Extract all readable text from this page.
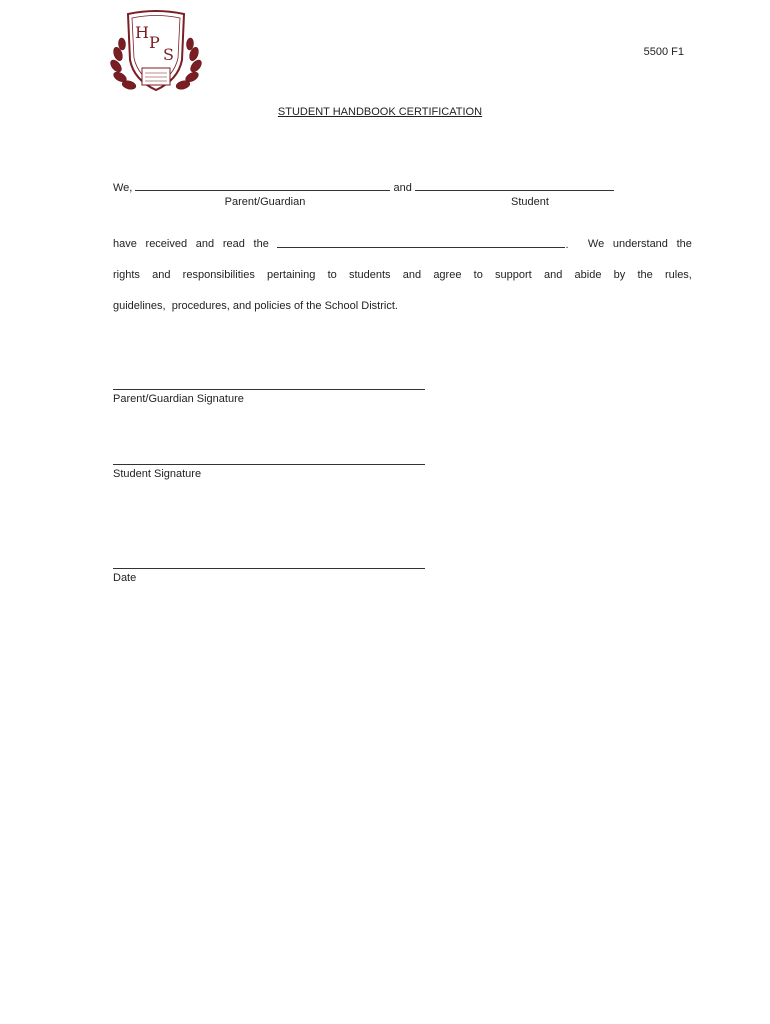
H
P
S	5500 F1
STUDENT HANDBOOK CERTIFICATION
We,	and
Parent/Guardian	Student
have received and read the	. We understand the
rights and responsibilities pertaining to students and agree to support and abide by the rules,
guidelines,  procedures, and policies of the School District.
Parent/Guardian Signature
Student Signature
Date
